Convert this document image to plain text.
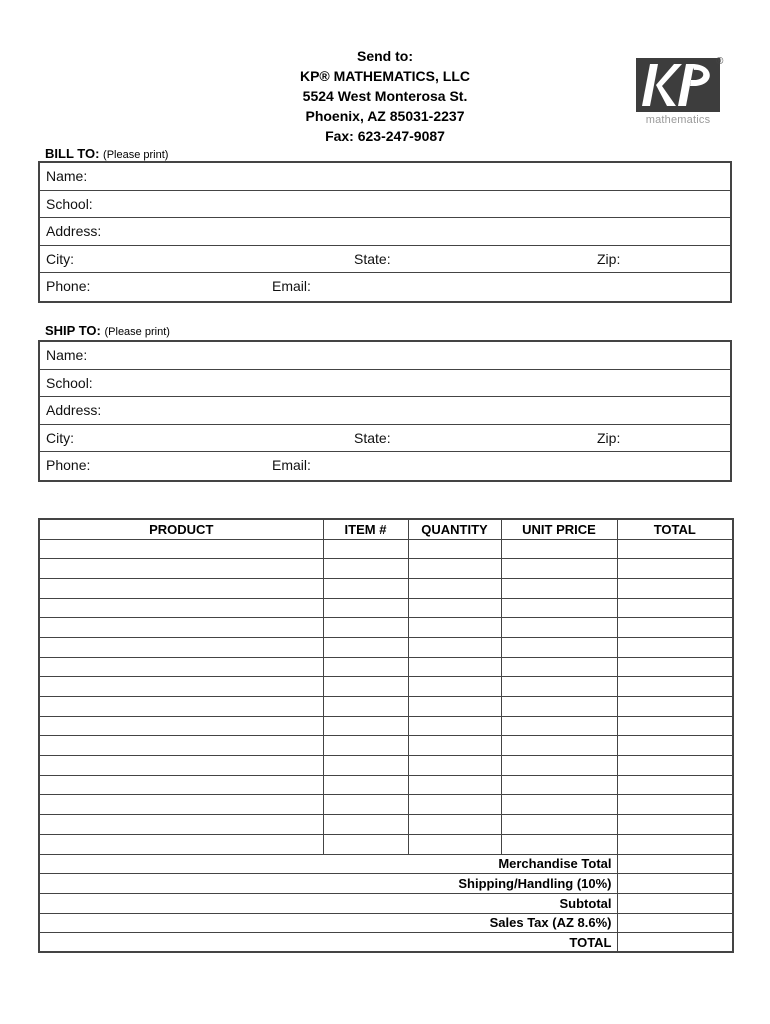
Send to:
KP® MATHEMATICS, LLC
5524 West Monterosa St.
Phoenix, AZ 85031-2237
Fax: 623-247-9087
®
mathematics
BILL TO: (Please print)
Name:
School:
Address:
City:	State:	Zip:
Phone:	Email:
SHIP TO: (Please print)
Name:
School:
Address:
City:	State:	Zip:
Phone:	Email:
PRODUCT	ITEM #	QUANTITY	UNIT PRICE	TOTAL

Merchandise Total				
Shipping/Handling (10%)				
Subtotal				
Sales Tax (AZ 8.6%)				
TOTAL				
